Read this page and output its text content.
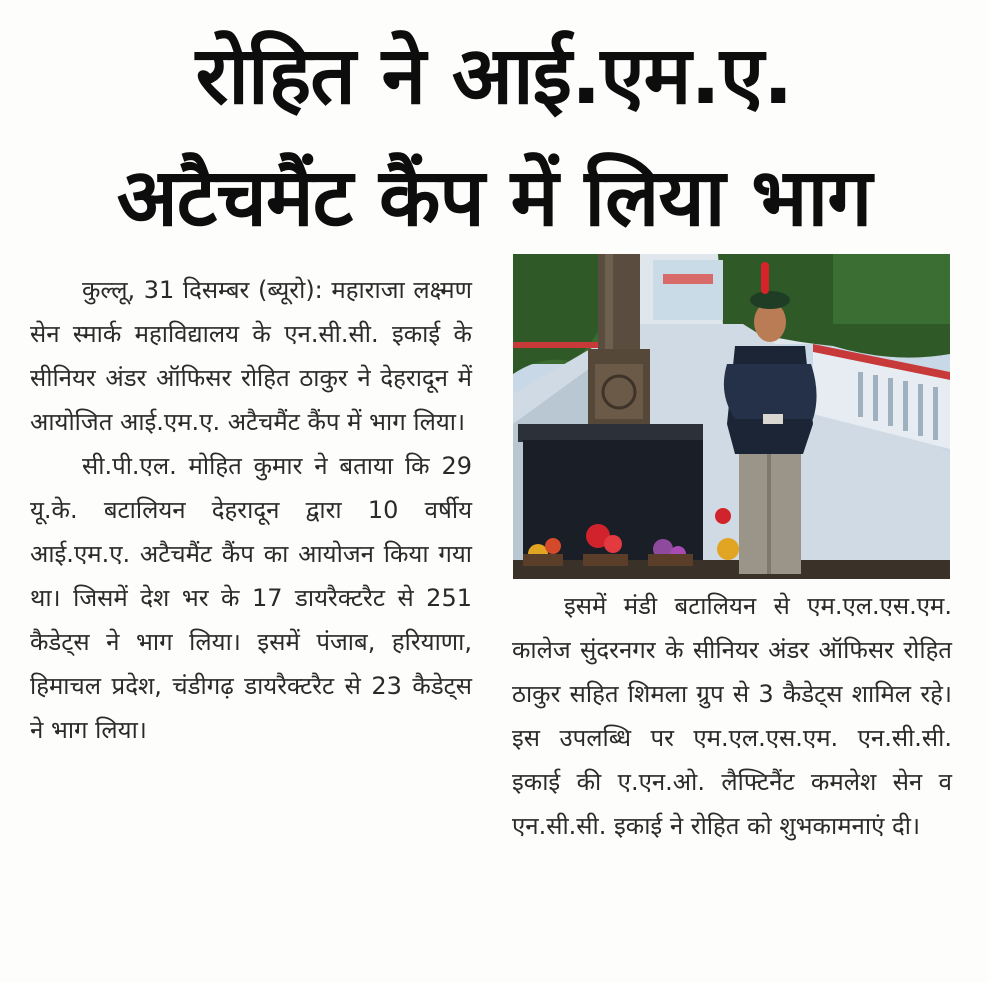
रोहित ने आई.एम.ए.
अटैचमैंट कैंप में लिया भाग

कुल्लू, 31 दिसम्बर (ब्यूरो): महाराजा लक्ष्मण सेन स्मार्क महाविद्यालय के एन.सी.सी. इकाई के सीनियर अंडर ऑफिसर रोहित ठाकुर ने देहरादून में आयोजित आई.एम.ए. अटैचमैंट कैंप में भाग लिया।

सी.पी.एल. मोहित कुमार ने बताया कि 29 यू.के. बटालियन देहरादून द्वारा 10 वर्षीय आई.एम.ए. अटैचमैंट कैंप का आयोजन किया गया था। जिसमें देश भर के 17 डायरैक्टरैट से 251 कैडेट्स ने भाग लिया। इसमें पंजाब, हरियाणा, हिमाचल प्रदेश, चंडीगढ़ डायरैक्टरैट से 23 कैडेट्स ने भाग लिया।

इसमें मंडी बटालियन से एम.एल.एस.एम. कालेज सुंदरनगर के सीनियर अंडर ऑफिसर रोहित ठाकुर सहित शिमला ग्रुप से 3 कैडेट्स शामिल रहे। इस उपलब्धि पर एम.एल.एस.एम. एन.सी.सी. इकाई की ए.एन.ओ. लैफ्टिनैंट कमलेश सेन व एन.सी.सी. इकाई ने रोहित को शुभकामनाएं दी।
